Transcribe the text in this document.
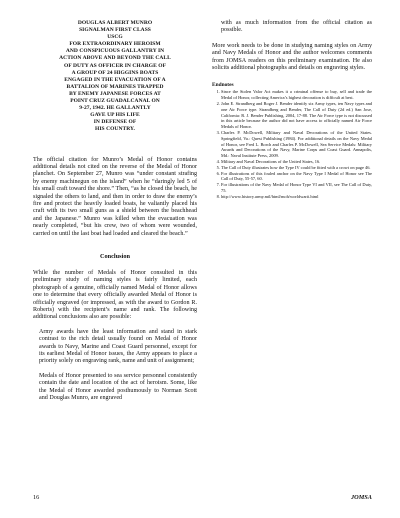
DOUGLAS ALBERT MUNRO
SIGNALMAN FIRST CLASS
USCG
FOR EXTRAORDINARY HEROISM
AND CONSPICUOUS GALLANTRY IN
ACTION ABOVE AND BEYOND THE CALL
OF DUTY AS OFFICER IN CHARGE OF
A GROUP OF 24 HIGGINS BOATS
ENGAGED IN THE EVACUATION OF A
BATTALION OF MARINES TRAPPED
BY ENEMY JAPANESE FORCES AT
POINT CRUZ GUADALCANAL ON
9-27, 1942. HE GALLANTLY
GAVE UP HIS LIFE
IN DEFENSE OF
HIS COUNTRY.

The official citation for Munro’s Medal of Honor contains additional details not cited on the reverse of the Medal of Honor planchet. On September 27, Munro was “under constant strafing by enemy machinegun on the island” when he “daringly led 5 of his small craft toward the shore.” Then, “as he closed the beach, he signaled the others to land, and then in order to draw the enemy’s fire and protect the heavily loaded boats, he valiantly placed his craft with its two small guns as a shield between the beachhead and the Japanese.” Munro was killed when the evacuation was nearly completed, “but his crew, two of whom were wounded, carried on until the last boat had loaded and cleared the beach.”

Conclusion

While the number of Medals of Honor consulted in this preliminary study of naming styles is fairly limited, each photograph of a genuine, officially named Medal of Honor allows one to determine that every officially awarded Medal of Honor is officially engraved (or impressed, as with the award to Gordon R. Roberts) with the recipient’s name and rank. The following additional conclusions also are possible:

Army awards have the least information and stand in stark contrast to the rich detail usually found on Medal of Honor awards to Navy, Marine and Coast Guard personnel, except for its earliest Medal of Honor issues, the Army appears to place a priority solely on engraving rank, name and unit of assignment;

Medals of Honor presented to sea service personnel consistently contain the date and location of the act of heroism. Some, like the Medal of Honor awarded posthumously to Norman Scott and Douglas Munro, are engraved

with as much information from the official citation as possible.

More work needs to be done in studying naming styles on Army and Navy Medals of Honor and the author welcomes comments from JOMSA readers on this preliminary examination. He also solicits additional photographs and details on engraving styles.

Endnotes
1. Since the Stolen Valor Act makes it a criminal offense to buy, sell and trade the Medal of Honor, collecting America’s highest decoration is difficult at best.
2. John E. Strandberg and Roger J. Bender identify six Army types, ten Navy types and one Air Force type. Strandberg and Bender, The Call of Duty (2d ed.) San Jose, California: R. J. Bender Publishing, 2004, 17-88. The Air Force type is not discussed in this article because the author did not have access to officially named Air Force Medals of Honor.
3. Charles P. McDowell, Military and Naval Decorations of the United States. Springfield, Va.: Quest Publishing (1984). For additional details on the Navy Medal of Honor, see Fred L. Borch and Charles P. McDowell, Sea Service Medals: Military Awards and Decorations of the Navy, Marine Corps and Coast Guard. Annapolis, Md.: Naval Institute Press, 2009.
4. Military and Naval Decorations of the United States, 16.
5. The Call of Duty illustrates how the Type IV could be fitted with a crowt on page 46.
6. For illustrations of this fouled anchor on the Navy Type I Medal of Honor see The Call of Duty, 55-57, 60.
7. For illustrations of the Navy Medal of Honor Type VI and VII, see The Call of Duty, 75.
8. http://www.history.army.mil/html/moh/worldwarii.html
16	JOMSA
